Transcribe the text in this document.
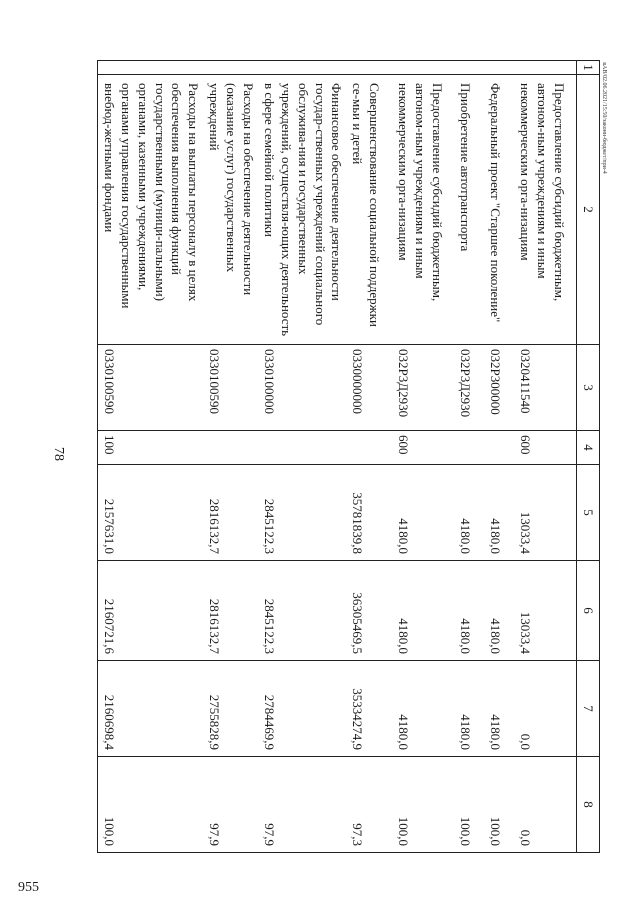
78
вАВ/02.06.2021/15:50/законн-бюджет/при-4
955
1	2	3	4	5	6	7	8
	Предоставление субсидий бюджетным, автоном-ным учреждениям и иным некоммерческим орга-низациям	0320411540	600	13033,4	13033,4	0,0	0,0
	Федеральный проект "Старшее поколение"	032Р300000		4180,0	4180,0	4180,0	100,0
	Приобретение автотранспорта	032Р3Д2930		4180,0	4180,0	4180,0	100,0
	Предоставление субсидий бюджетным, автоном-ным учреждениям и иным некоммерческим орга-низациям	032Р3Д2930	600	4180,0	4180,0	4180,0	100,0
	Совершенствование социальной поддержки се-мьи и детей	0330000000		35781839,8	36305469,5	35334274,9	97,3
	Финансовое обеспечение деятельности государ-ственных учреждений социального обслужива-ния и государственных учреждений, осуществля-ющих деятельность в сфере семейной политики	0330100000		2845122,3	2845122,3	2784469,9	97,9
	Расходы на обеспечение деятельности (оказание услуг) государственных учреждений	0330100590		2816132,7	2816132,7	2755828,9	97,9
	Расходы на выплаты персоналу в целях обеспечения выполнения функций государственными (муници-пальными) органами, казенными учреждениями, органами управления государственными внебюд-жетными фондами	0330100590	100	2157631,0	2160721,6	2160698,4	100,0
